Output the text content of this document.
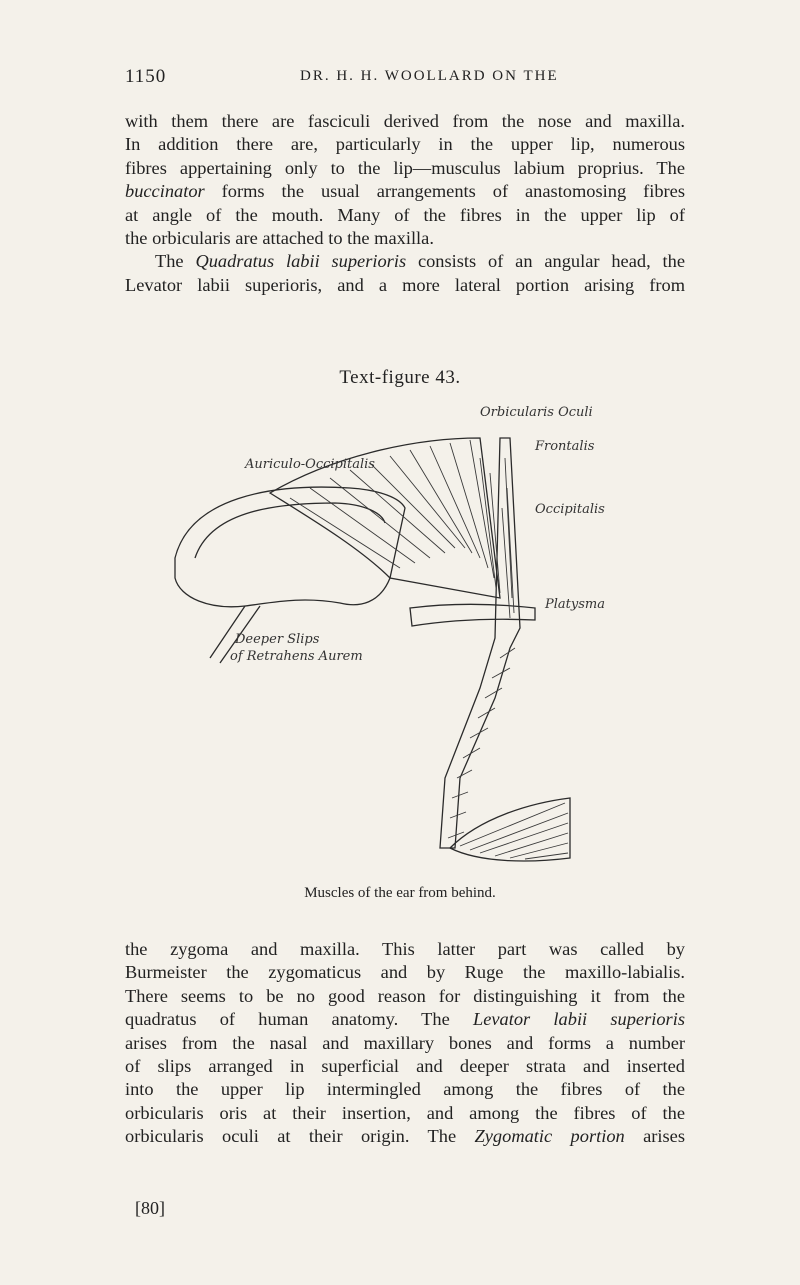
1150	DR. H. H. WOOLLARD ON THE

with them there are fasciculi derived from the nose and maxilla.
In addition there are, particularly in the upper lip, numerous
fibres appertaining only to the lip—musculus labium proprius. The
buccinator forms the usual arrangements of anastomosing fibres
at angle of the mouth. Many of the fibres in the upper lip of
the orbicularis are attached to the maxilla.
The Quadratus labii superioris consists of an angular head, the
Levator labii superioris, and a more lateral portion arising from

Text-figure 43.
Auriculo-Occipitalis
Orbicularis Oculi
Frontalis
Occipitalis
Platysma
Deeper Slips
of Retrahens Aurem
Muscles of the ear from behind.

the zygoma and maxilla. This latter part was called by
Burmeister the zygomaticus and by Ruge the maxillo-labialis.
There seems to be no good reason for distinguishing it from the
quadratus of human anatomy. The Levator labii superioris
arises from the nasal and maxillary bones and forms a number
of slips arranged in superficial and deeper strata and inserted
into the upper lip intermingled among the fibres of the
orbicularis oris at their insertion, and among the fibres of the
orbicularis oculi at their origin. The Zygomatic portion arises

[80]
